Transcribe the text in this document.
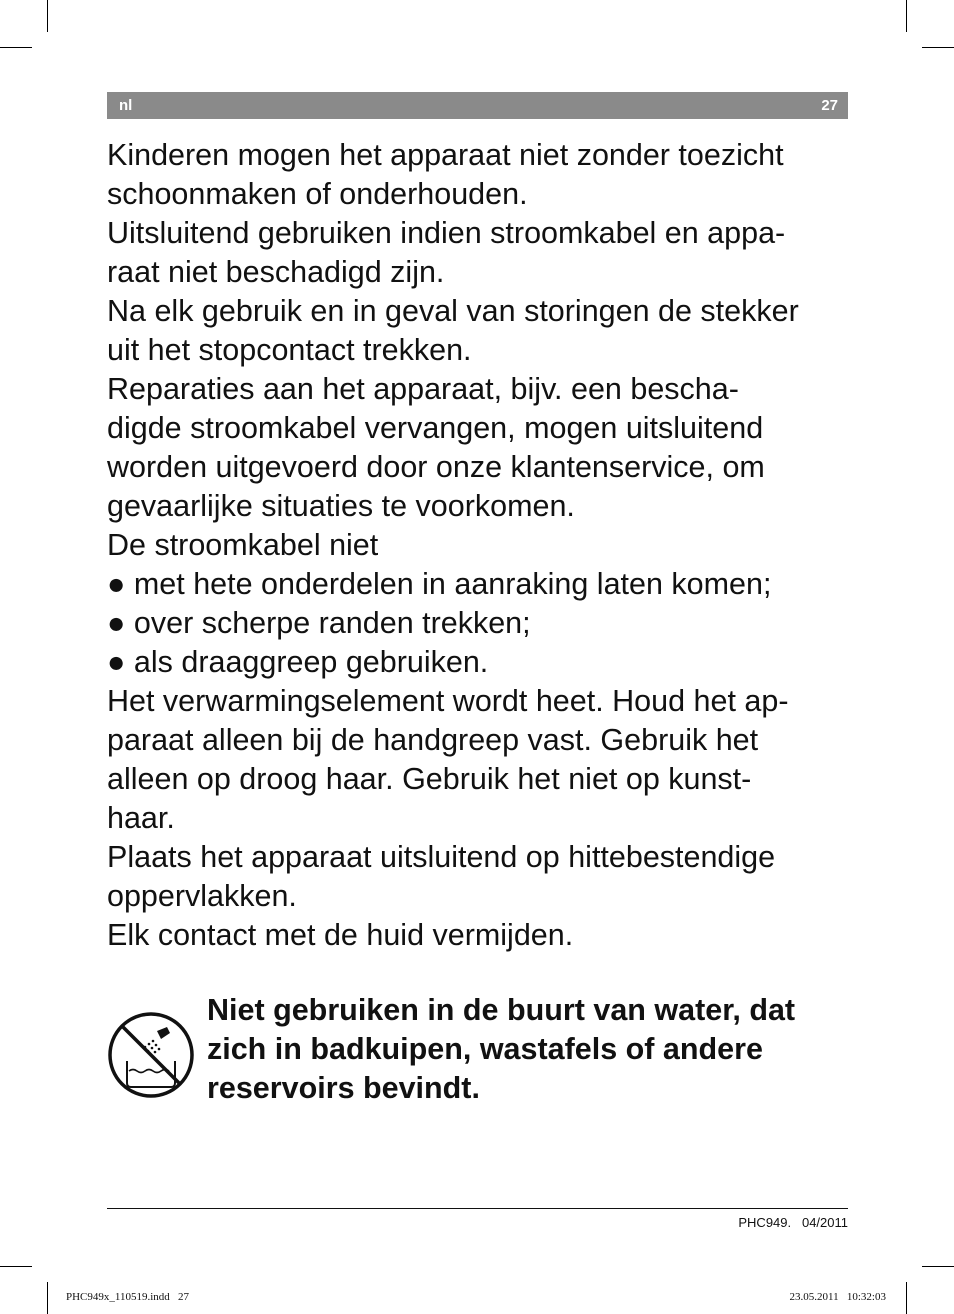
nl	27

Kinderen mogen het apparaat niet zonder toezicht

schoonmaken of onderhouden.

Uitsluitend gebruiken indien stroomkabel en appa-

raat niet beschadigd zijn.

Na elk gebruik en in geval van storingen de stekker

uit het stopcontact trekken.

Reparaties aan het apparaat, bijv. een bescha-

digde stroomkabel vervangen, mogen uitsluitend

worden uitgevoerd door onze klantenservice, om

gevaarlijke situaties te voorkomen.

De stroomkabel niet

● met hete onderdelen in aanraking laten komen;

● over scherpe randen trekken;

● als draaggreep gebruiken.

Het verwarmingselement wordt heet. Houd het ap-

paraat alleen bij de handgreep vast. Gebruik het

alleen op droog haar. Gebruik het niet op kunst-

haar.

Plaats het apparaat uitsluitend op hittebestendige

oppervlakken.

Elk contact met de huid vermijden.

Niet gebruiken in de buurt van water, dat

zich in badkuipen, wastafels of andere

reservoirs bevindt.

PHC949.   04/2011
PHC949x_110519.indd   27	23.05.2011   10:32:03
